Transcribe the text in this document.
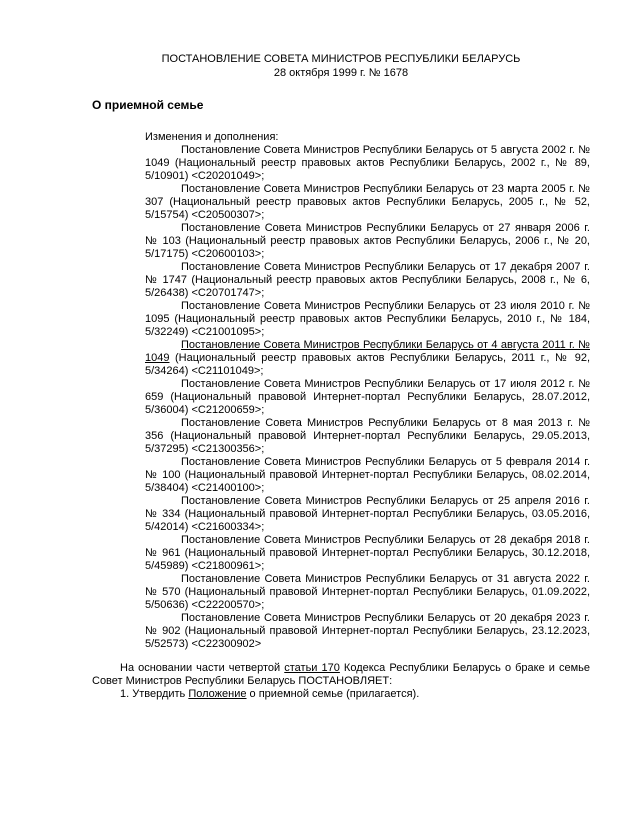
ПОСТАНОВЛЕНИЕ СОВЕТА МИНИСТРОВ РЕСПУБЛИКИ БЕЛАРУСЬ
28 октября 1999 г. № 1678

О приемной семье

Изменения и дополнения:

Постановление Совета Министров Республики Беларусь от 5 августа 2002 г. № 1049 (Национальный реестр правовых актов Республики Беларусь, 2002 г., № 89, 5/10901) <C20201049>;

Постановление Совета Министров Республики Беларусь от 23 марта 2005 г. № 307 (Национальный реестр правовых актов Республики Беларусь, 2005 г., № 52, 5/15754) <C20500307>;

Постановление Совета Министров Республики Беларусь от 27 января 2006 г. № 103 (Национальный реестр правовых актов Республики Беларусь, 2006 г., № 20, 5/17175) <C20600103>;

Постановление Совета Министров Республики Беларусь от 17 декабря 2007 г. № 1747 (Национальный реестр правовых актов Республики Беларусь, 2008 г., № 6, 5/26438) <C20701747>;

Постановление Совета Министров Республики Беларусь от 23 июля 2010 г. № 1095 (Национальный реестр правовых актов Республики Беларусь, 2010 г., № 184, 5/32249) <C21001095>;

Постановление Совета Министров Республики Беларусь от 4 августа 2011 г. № 1049 (Национальный реестр правовых актов Республики Беларусь, 2011 г., № 92, 5/34264) <C21101049>;

Постановление Совета Министров Республики Беларусь от 17 июля 2012 г. № 659 (Национальный правовой Интернет-портал Республики Беларусь, 28.07.2012, 5/36004) <C21200659>;

Постановление Совета Министров Республики Беларусь от 8 мая 2013 г. № 356 (Национальный правовой Интернет-портал Республики Беларусь, 29.05.2013, 5/37295) <C21300356>;

Постановление Совета Министров Республики Беларусь от 5 февраля 2014 г. № 100 (Национальный правовой Интернет-портал Республики Беларусь, 08.02.2014, 5/38404) <C21400100>;

Постановление Совета Министров Республики Беларусь от 25 апреля 2016 г. № 334 (Национальный правовой Интернет-портал Республики Беларусь, 03.05.2016, 5/42014) <C21600334>;

Постановление Совета Министров Республики Беларусь от 28 декабря 2018 г. № 961 (Национальный правовой Интернет-портал Республики Беларусь, 30.12.2018, 5/45989) <C21800961>;

Постановление Совета Министров Республики Беларусь от 31 августа 2022 г. № 570 (Национальный правовой Интернет-портал Республики Беларусь, 01.09.2022, 5/50636) <C22200570>;

Постановление Совета Министров Республики Беларусь от 20 декабря 2023 г. № 902 (Национальный правовой Интернет-портал Республики Беларусь, 23.12.2023, 5/52573) <C22300902>

На основании части четвертой статьи 170 Кодекса Республики Беларусь о браке и семье Совет Министров Республики Беларусь ПОСТАНОВЛЯЕТ:

1. Утвердить Положение о приемной семье (прилагается).
